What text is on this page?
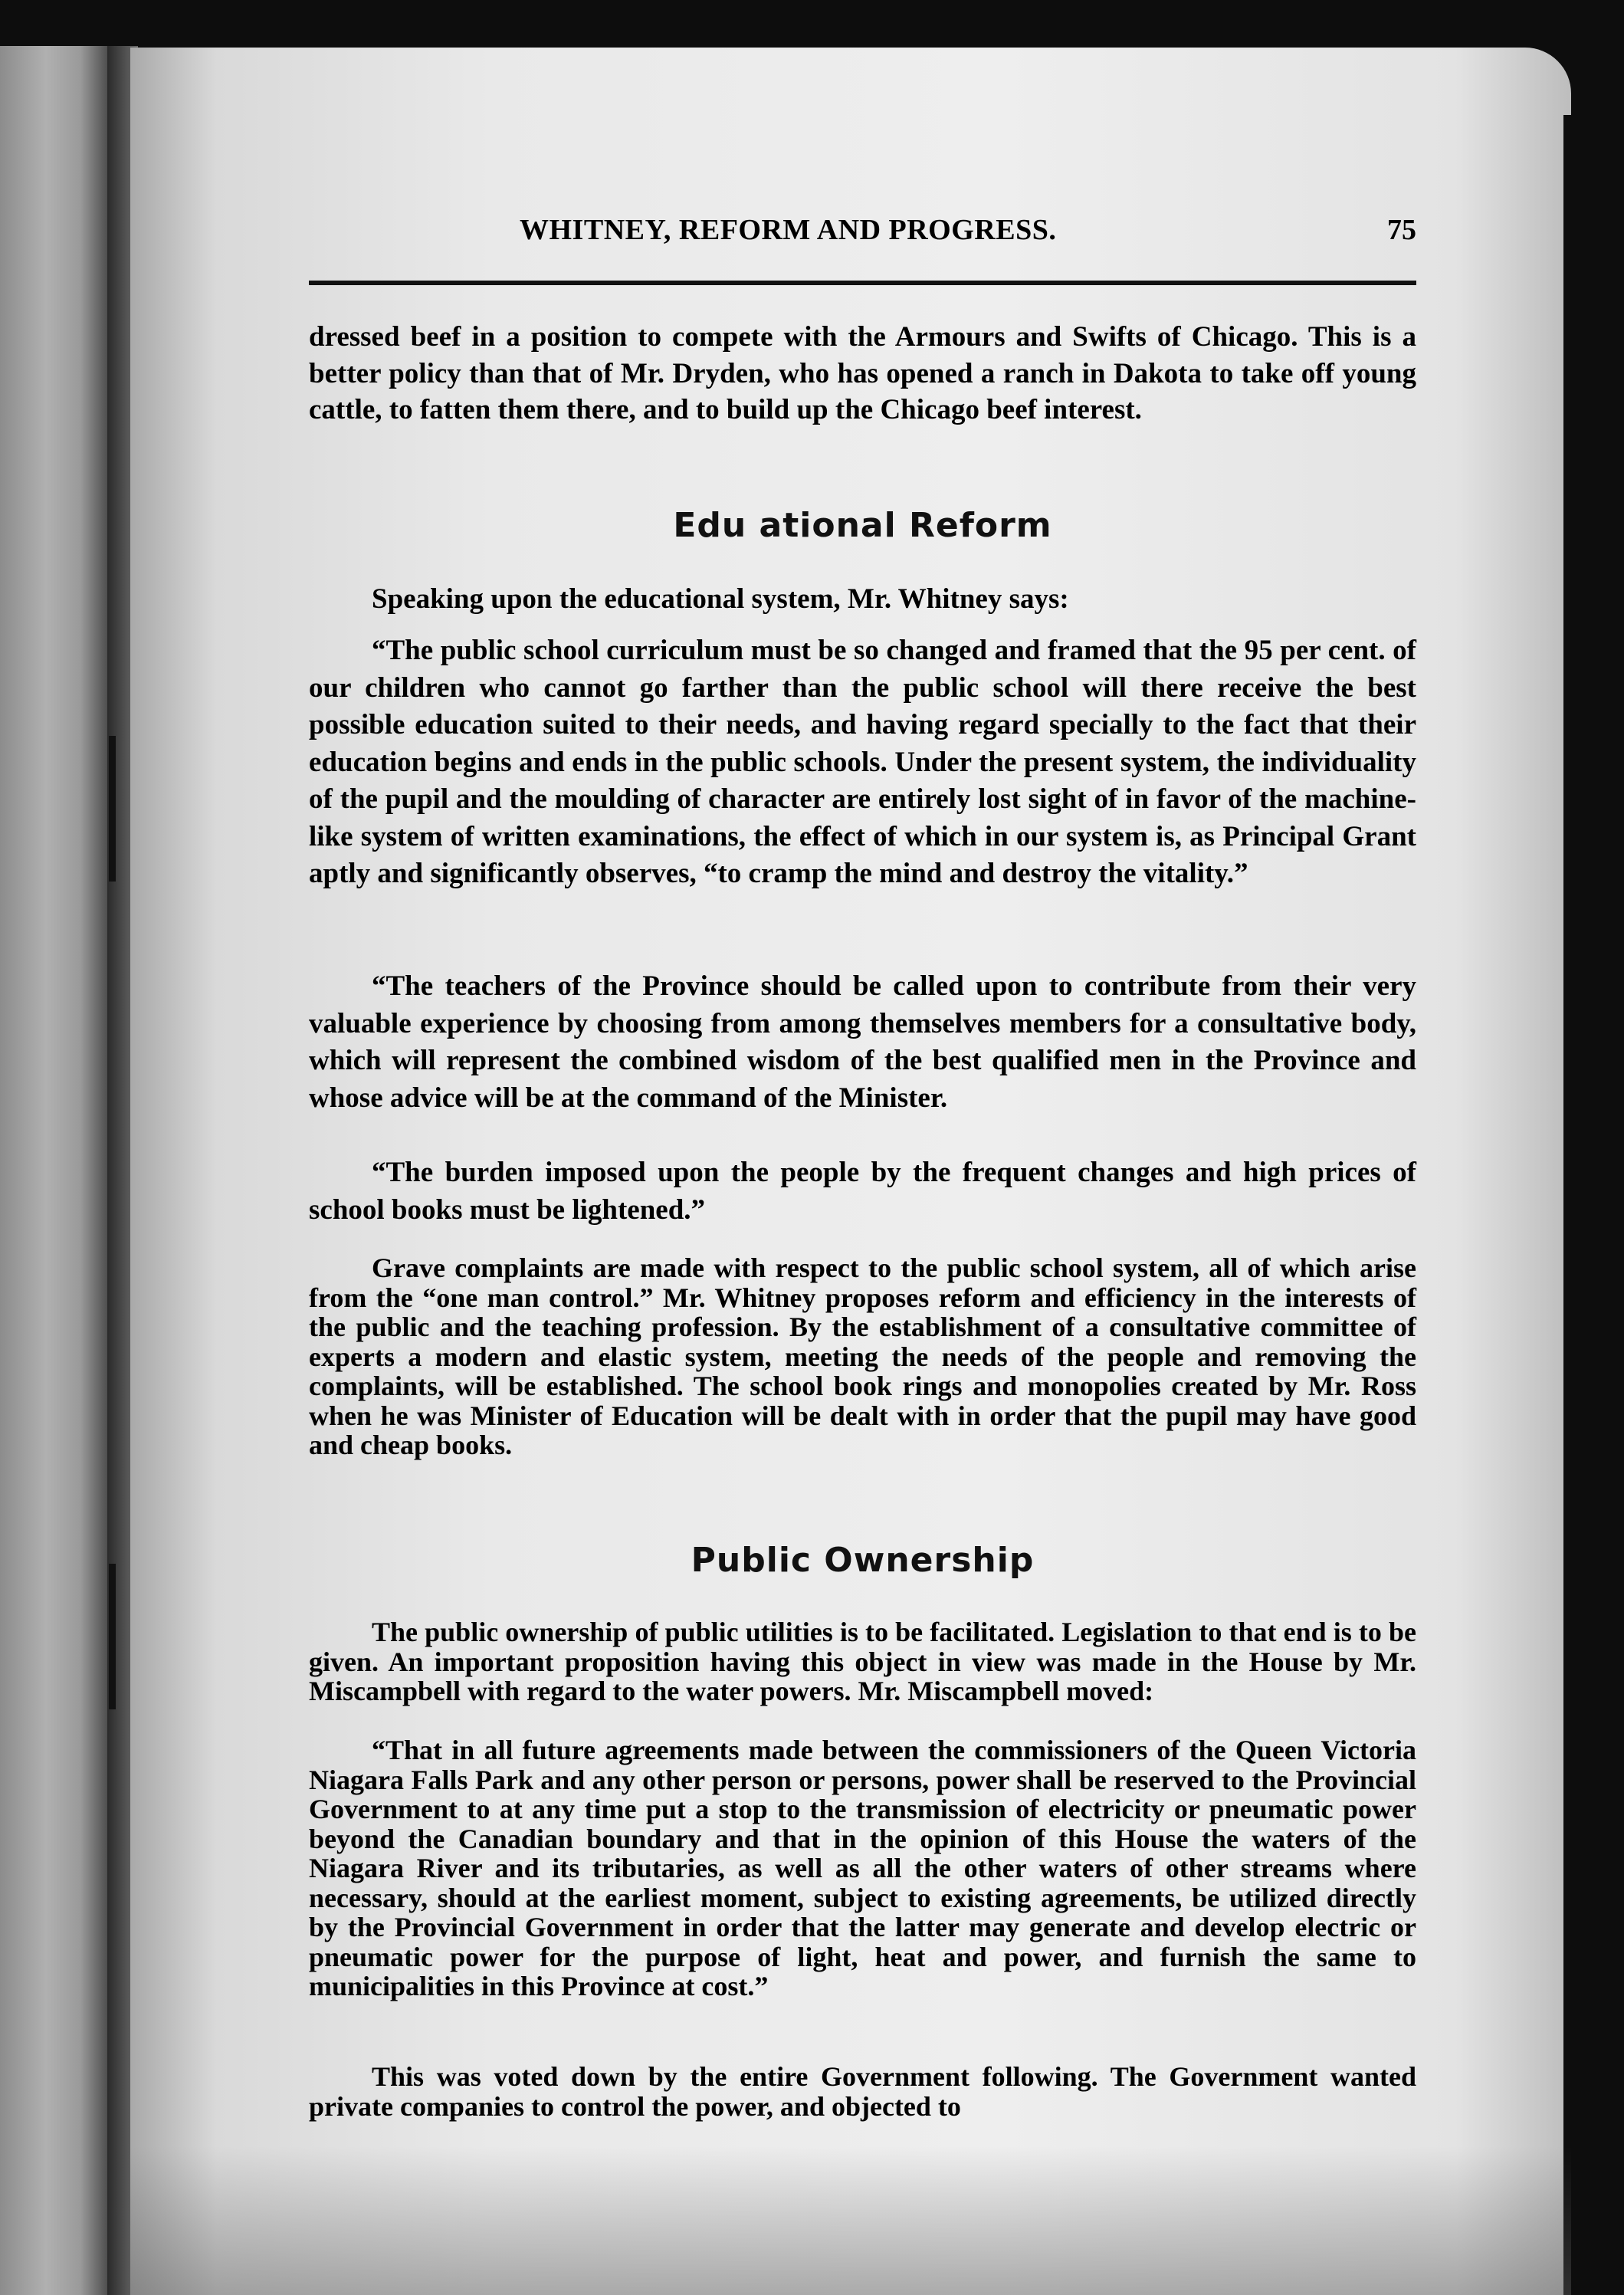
WHITNEY, REFORM AND PROGRESS.	75

dressed beef in a position to compete with the Armours and Swifts of Chicago. This is a better policy than that of Mr. Dryden, who has opened a ranch in Dakota to take off young cattle, to fatten them there, and to build up the Chicago beef interest.

Edu ational Reform

Speaking upon the educational system, Mr. Whitney says:

“The public school curriculum must be so changed and framed that the 95 per cent. of our children who cannot go farther than the public school will there receive the best possible education suited to their needs, and having regard specially to the fact that their education begins and ends in the public schools. Under the present system, the individuality of the pupil and the moulding of character are entirely lost sight of in favor of the machine-like system of written examinations, the effect of which in our system is, as Principal Grant aptly and significantly observes, “to cramp the mind and destroy the vitality.”

“The teachers of the Province should be called upon to contribute from their very valuable experience by choosing from among themselves members for a consultative body, which will represent the combined wisdom of the best qualified men in the Province and whose advice will be at the command of the Minister.

“The burden imposed upon the people by the frequent changes and high prices of school books must be lightened.”

Grave complaints are made with respect to the public school system, all of which arise from the “one man control.” Mr. Whitney proposes reform and efficiency in the interests of the public and the teaching profession. By the establishment of a consultative committee of experts a modern and elastic system, meeting the needs of the people and removing the complaints, will be established. The school book rings and monopolies created by Mr. Ross when he was Minister of Education will be dealt with in order that the pupil may have good and cheap books.

Public Ownership

The public ownership of public utilities is to be facilitated. Legislation to that end is to be given. An important proposition having this object in view was made in the House by Mr. Miscampbell with regard to the water powers. Mr. Miscampbell moved:

“That in all future agreements made between the commissioners of the Queen Victoria Niagara Falls Park and any other person or persons, power shall be reserved to the Provincial Government to at any time put a stop to the transmission of electricity or pneumatic power beyond the Canadian boundary and that in the opinion of this House the waters of the Niagara River and its tributaries, as well as all the other waters of other streams where necessary, should at the earliest moment, subject to existing agreements, be utilized directly by the Provincial Government in order that the latter may generate and develop electric or pneumatic power for the purpose of light, heat and power, and furnish the same to municipalities in this Province at cost.”

This was voted down by the entire Government following. The Government wanted private companies to control the power, and objected to
